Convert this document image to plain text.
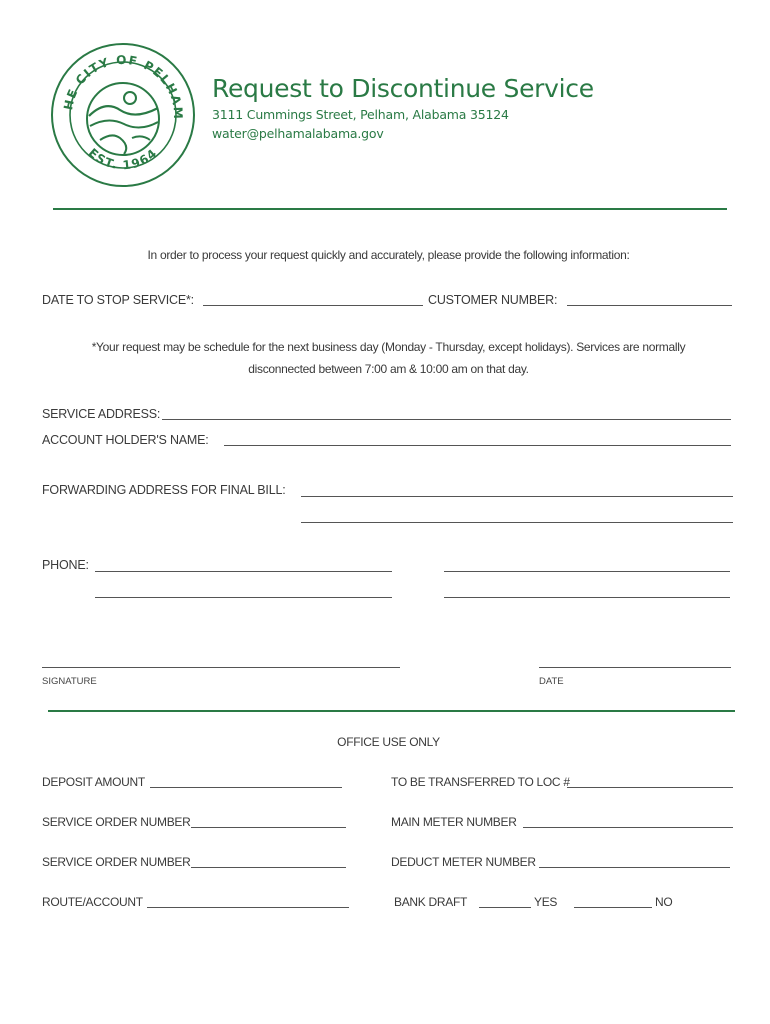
HE CITY OF PELHAM
EST. 1964
Request to Discontinue Service
3111 Cummings Street, Pelham, Alabama 35124
water@pelhamalabama.gov
In order to process your request quickly and accurately, please provide the following information:
DATE TO STOP SERVICE*:	CUSTOMER NUMBER:
*Your request may be schedule for the next business day (Monday - Thursday, except holidays). Services are normally
disconnected between 7:00 am & 10:00 am on that day.
SERVICE ADDRESS:
ACCOUNT HOLDER'S NAME:
FORWARDING ADDRESS FOR FINAL BILL:
PHONE:
SIGNATURE	DATE
OFFICE USE ONLY
DEPOSIT AMOUNT	TO BE TRANSFERRED TO LOC #
SERVICE ORDER NUMBER	MAIN METER NUMBER
SERVICE ORDER NUMBER	DEDUCT METER NUMBER
ROUTE/ACCOUNT	BANK DRAFT	YES	NO
